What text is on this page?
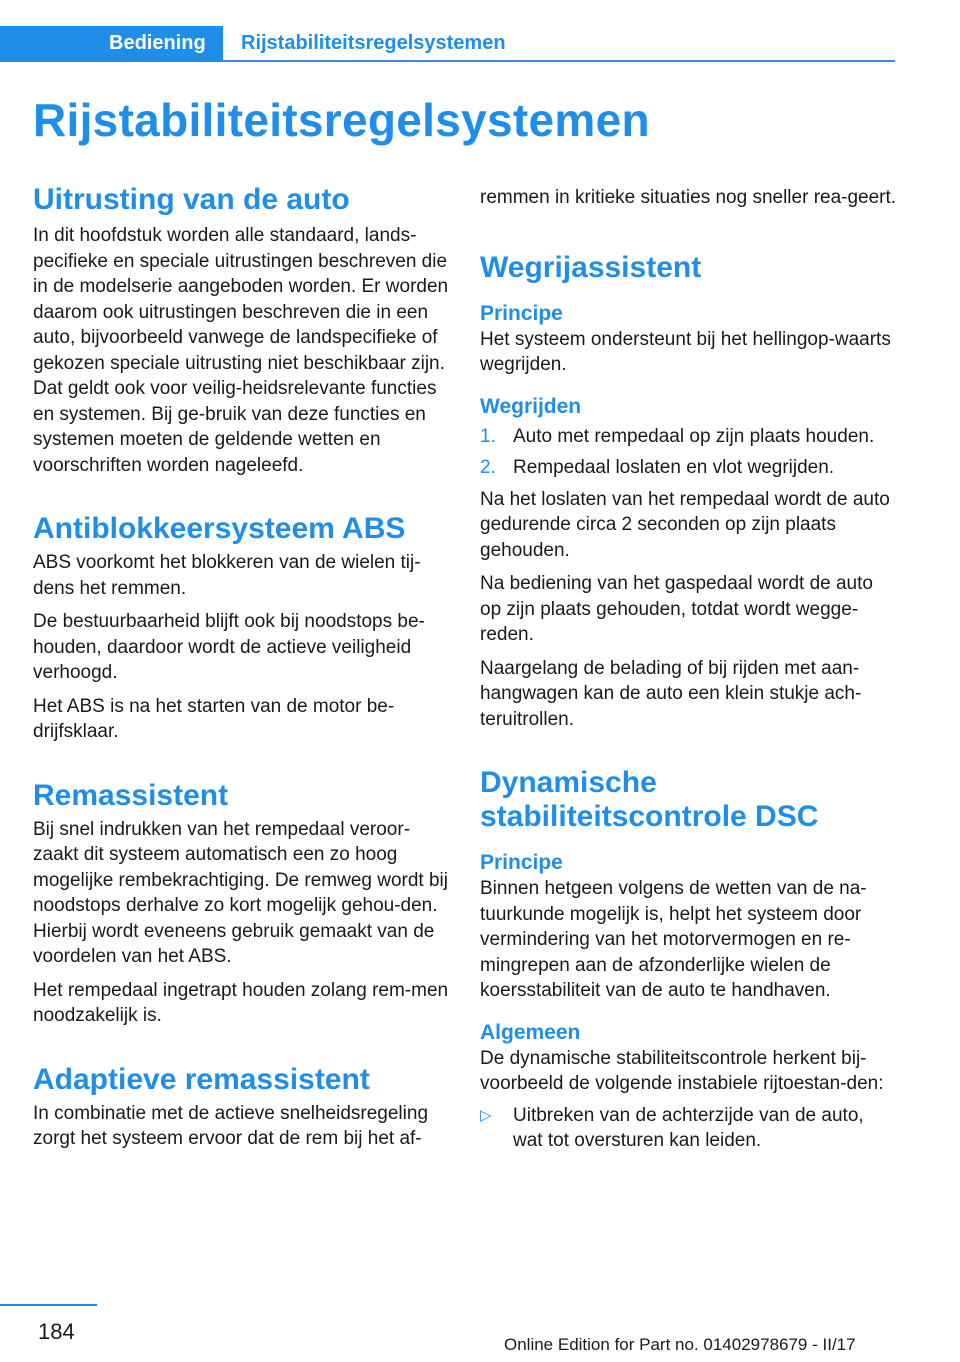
Bediening	Rijstabiliteitsregelsystemen
Rijstabiliteitsregelsystemen
Uitrusting van de auto

In dit hoofdstuk worden alle standaard, lands-pecifieke en speciale uitrustingen beschreven die in de modelserie aangeboden worden. Er worden daarom ook uitrustingen beschreven die in een auto, bijvoorbeeld vanwege de landspecifieke of gekozen speciale uitrusting niet beschikbaar zijn. Dat geldt ook voor veilig-heidsrelevante functies en systemen. Bij ge-bruik van deze functies en systemen moeten de geldende wetten en voorschriften worden nageleefd.

Antiblokkeersysteem ABS

ABS voorkomt het blokkeren van de wielen tij-dens het remmen.

De bestuurbaarheid blijft ook bij noodstops be-houden, daardoor wordt de actieve veiligheid verhoogd.

Het ABS is na het starten van de motor be-drijfsklaar.

Remassistent

Bij snel indrukken van het rempedaal veroor-zaakt dit systeem automatisch een zo hoog mogelijke rembekrachtiging. De remweg wordt bij noodstops derhalve zo kort mogelijk gehou-den. Hierbij wordt eveneens gebruik gemaakt van de voordelen van het ABS.

Het rempedaal ingetrapt houden zolang rem-men noodzakelijk is.

Adaptieve remassistent

In combinatie met de actieve snelheidsregeling zorgt het systeem ervoor dat de rem bij het af-

remmen in kritieke situaties nog sneller rea-geert.

Wegrijassistent
Principe

Het systeem ondersteunt bij het hellingop-waarts wegrijden.

Wegrijden
1. Auto met rempedaal op zijn plaats houden.
2. Rempedaal loslaten en vlot wegrijden.

Na het loslaten van het rempedaal wordt de auto gedurende circa 2 seconden op zijn plaats gehouden.

Na bediening van het gaspedaal wordt de auto op zijn plaats gehouden, totdat wordt wegge-reden.

Naargelang de belading of bij rijden met aan-hangwagen kan de auto een klein stukje ach-teruitrollen.

Dynamische stabiliteitscontrole DSC
Principe

Binnen hetgeen volgens de wetten van de na-tuurkunde mogelijk is, helpt het systeem door vermindering van het motorvermogen en re-mingrepen aan de afzonderlijke wielen de koersstabiliteit van de auto te handhaven.

Algemeen

De dynamische stabiliteitscontrole herkent bij-voorbeeld de volgende instabiele rijtoestan-den:

▷	Uitbreken van de achterzijde van de auto, wat tot oversturen kan leiden.
184
Online Edition for Part no. 01402978679 - II/17
